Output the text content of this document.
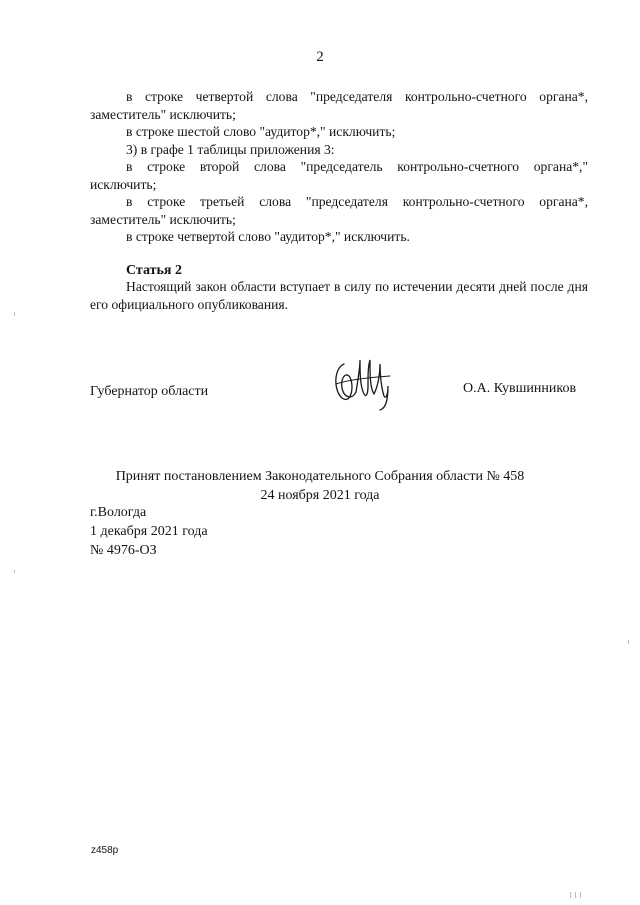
2

в строке четвертой слова "председателя контрольно-счетного органа*, заместитель" исключить;

в строке шестой слово "аудитор*," исключить;

3) в графе 1 таблицы приложения 3:

в строке второй слова "председатель контрольно-счетного органа*," исключить;

в строке третьей слова "председателя контрольно-счетного органа*, заместитель" исключить;

в строке четвертой слово "аудитор*," исключить.

Статья 2

Настоящий закон области вступает в силу по истечении десяти дней после дня его официального опубликования.

Губернатор области	О.А. Кувшинников
Принят постановлением Законодательного Собрания области № 458
24 ноября 2021 года
г.Вологда
1 декабря 2021 года
№ 4976-ОЗ
z458p
